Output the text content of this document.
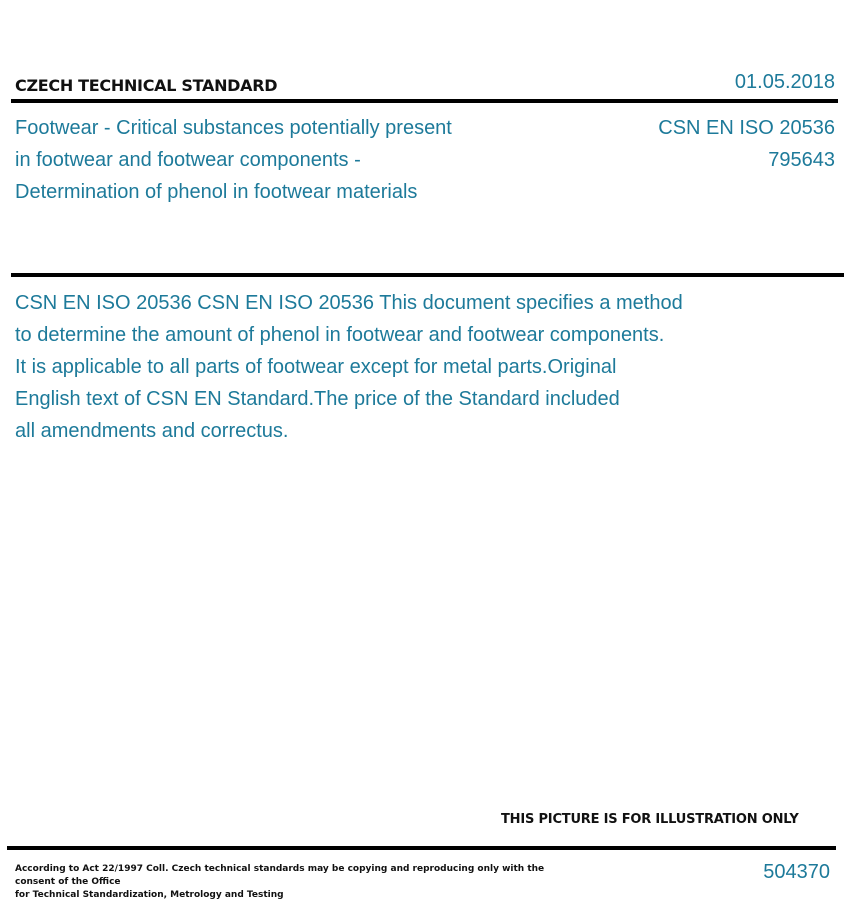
CZECH TECHNICAL STANDARD	01.05.2018
Footwear - Critical substances potentially present in footwear and footwear components - Determination of phenol in footwear materials
CSN EN ISO 20536
795643
CSN EN ISO 20536 CSN EN ISO 20536 This document specifies a method
to determine the amount of phenol in footwear and footwear components.
It is applicable to all parts of footwear except for metal parts.Original
English text of CSN EN Standard.The price of the Standard included
all amendments and correctus.
THIS PICTURE IS FOR ILLUSTRATION ONLY
According to Act 22/1997 Coll. Czech technical standards may be copying and reproducing only with the consent of the Office
for Technical Standardization, Metrology and Testing
504370
